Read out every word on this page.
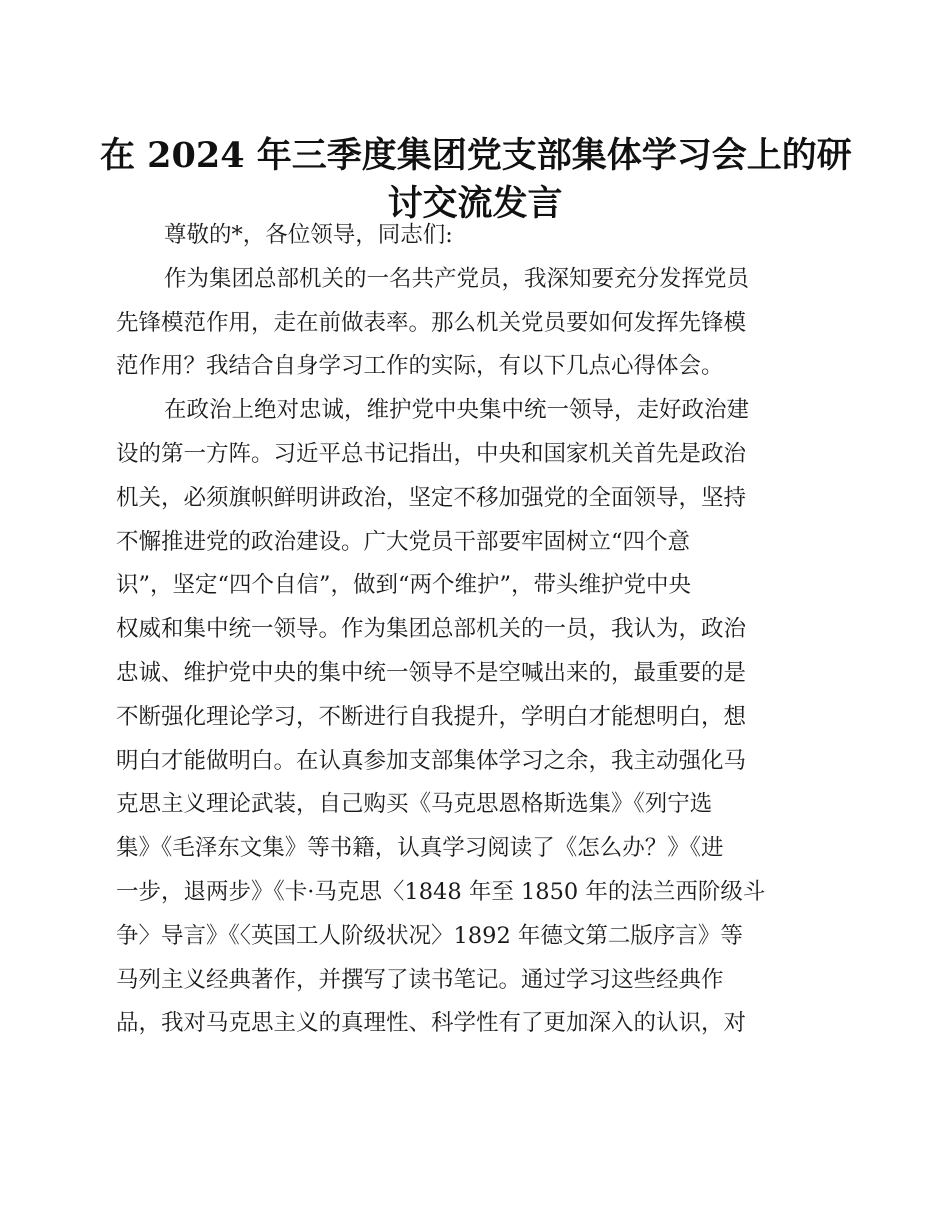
在 2024 年三季度集团党支部集体学习会上的研
讨交流发言
尊敬的*，各位领导，同志们:
作为集团总部机关的一名共产党员，我深知要充分发挥党员
先锋模范作用，走在前做表率。那么机关党员要如何发挥先锋模
范作用？我结合自身学习工作的实际，有以下几点心得体会。
在政治上绝对忠诚，维护党中央集中统一领导，走好政治建
设的第一方阵。习近平总书记指出，中央和国家机关首先是政治
机关，必须旗帜鲜明讲政治，坚定不移加强党的全面领导，坚持
不懈推进党的政治建设。广大党员干部要牢固树立“四个意
识”，坚定“四个自信”，做到“两个维护”，带头维护党中央
权威和集中统一领导。作为集团总部机关的一员，我认为，政治
忠诚、维护党中央的集中统一领导不是空喊出来的，最重要的是
不断强化理论学习，不断进行自我提升，学明白才能想明白，想
明白才能做明白。在认真参加支部集体学习之余，我主动强化马
克思主义理论武装，自己购买《马克思恩格斯选集》《列宁选
集》《毛泽东文集》等书籍，认真学习阅读了《怎么办？》《进
一步，退两步》《卡·马克思〈1848 年至 1850 年的法兰西阶级斗
争〉导言》《〈英国工人阶级状况〉1892 年德文第二版序言》等
马列主义经典著作，并撰写了读书笔记。通过学习这些经典作
品，我对马克思主义的真理性、科学性有了更加深入的认识，对
